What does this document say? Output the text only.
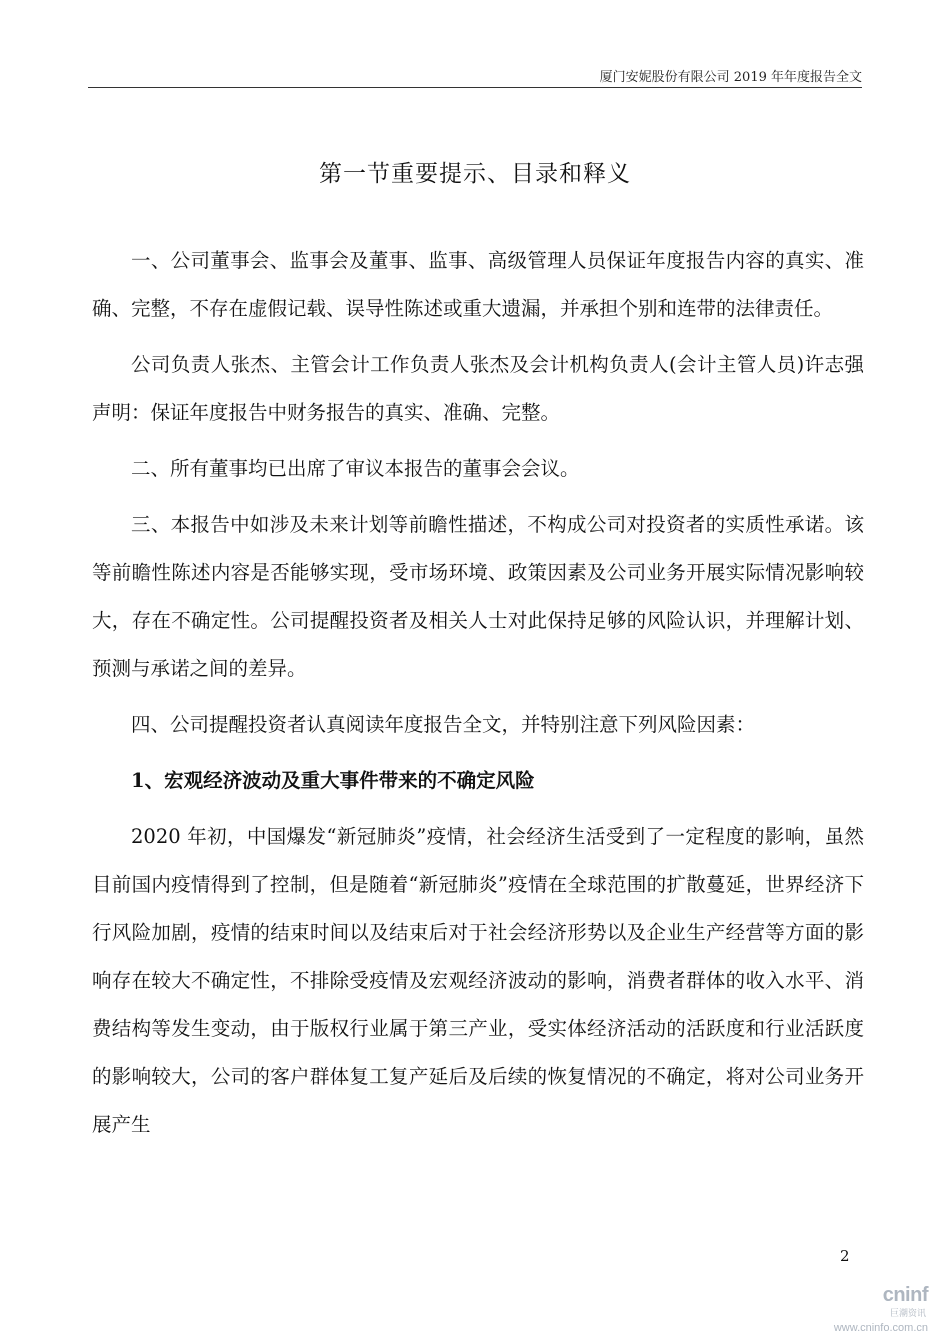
厦门安妮股份有限公司 2019 年年度报告全文
第一节重要提示、目录和释义

一、公司董事会、监事会及董事、监事、高级管理人员保证年度报告内容的真实、准确、完整，不存在虚假记载、误导性陈述或重大遗漏，并承担个别和连带的法律责任。

公司负责人张杰、主管会计工作负责人张杰及会计机构负责人(会计主管人员)许志强声明：保证年度报告中财务报告的真实、准确、完整。

二、所有董事均已出席了审议本报告的董事会会议。

三、本报告中如涉及未来计划等前瞻性描述，不构成公司对投资者的实质性承诺。该等前瞻性陈述内容是否能够实现，受市场环境、政策因素及公司业务开展实际情况影响较大，存在不确定性。公司提醒投资者及相关人士对此保持足够的风险认识，并理解计划、预测与承诺之间的差异。

四、公司提醒投资者认真阅读年度报告全文，并特别注意下列风险因素：

1、宏观经济波动及重大事件带来的不确定风险

2020 年初，中国爆发“新冠肺炎”疫情，社会经济生活受到了一定程度的影响，虽然目前国内疫情得到了控制，但是随着“新冠肺炎”疫情在全球范围的扩散蔓延，世界经济下行风险加剧，疫情的结束时间以及结束后对于社会经济形势以及企业生产经营等方面的影响存在较大不确定性，不排除受疫情及宏观经济波动的影响，消费者群体的收入水平、消费结构等发生变动，由于版权行业属于第三产业，受实体经济活动的活跃度和行业活跃度的影响较大，公司的客户群体复工复产延后及后续的恢复情况的不确定，将对公司业务开展产生

2
cninf
巨潮资讯
www.cninfo.com.cn
